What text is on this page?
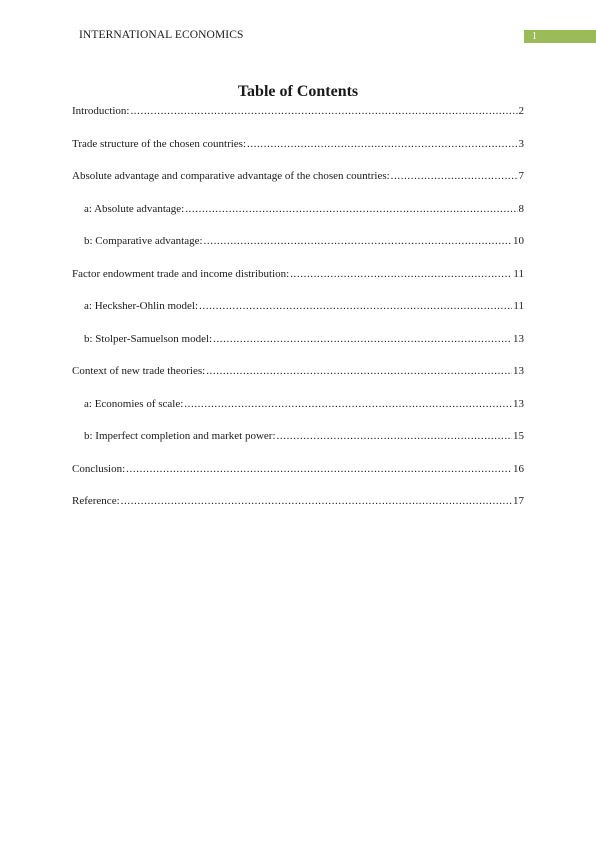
INTERNATIONAL ECONOMICS	1
Table of Contents
Introduction: .....	2
Trade structure of the chosen countries: .....	3
Absolute advantage and comparative advantage of the chosen countries: .....	7
a: Absolute advantage: .....	8
b: Comparative advantage: .....	10
Factor endowment trade and income distribution: .....	11
a: Hecksher-Ohlin model: .....	11
b: Stolper-Samuelson model: .....	13
Context of new trade theories: .....	13
a: Economies of scale: .....	13
b: Imperfect completion and market power: .....	15
Conclusion: .....	16
Reference: .....	17
